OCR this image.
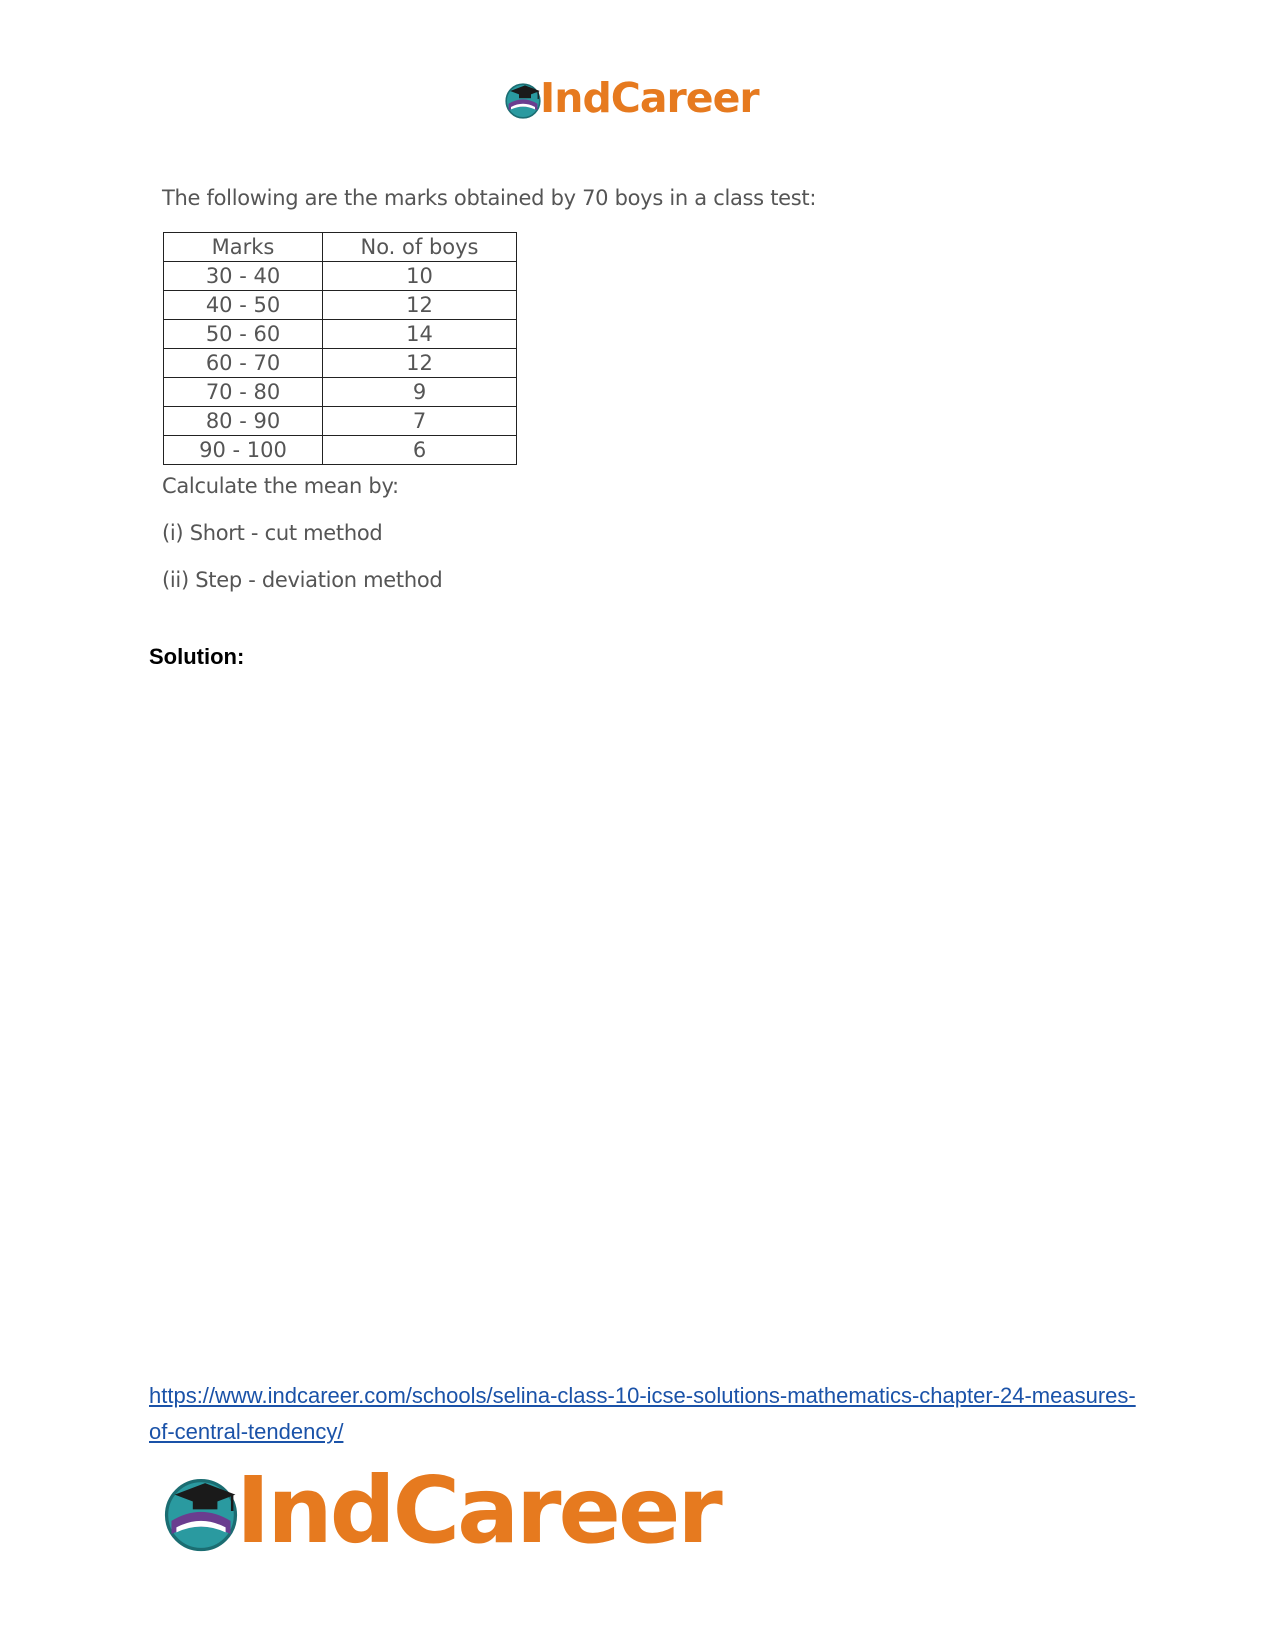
IndCareer
The following are the marks obtained by 70 boys in a class test:
Marks	No. of boys
30 - 40	10
40 - 50	12
50 - 60	14
60 - 70	12
70 - 80	9
80 - 90	7
90 - 100	6
Calculate the mean by:
(i) Short - cut method
(ii) Step - deviation method
Solution:
https://www.indcareer.com/schools/selina-class-10-icse-solutions-mathematics-chapter-24-measures-of-central-tendency/
IndCareer
